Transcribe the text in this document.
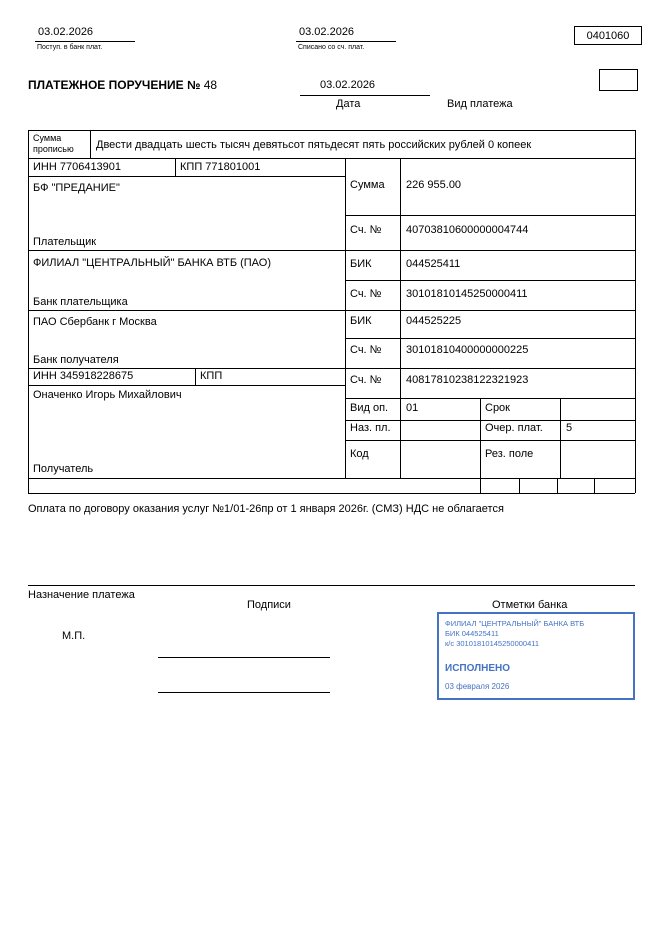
03.02.2026
Поступ. в банк плат.
03.02.2026
Списано со сч. плат.
0401060
ПЛАТЕЖНОЕ ПОРУЧЕНИЕ № 48	03.02.2026
Дата	Вид платежа
Сумма
прописью Двести двадцать шесть тысяч девятьсот пятьдесят пять российских рублей 0 копеек
ИНН 7706413901	КПП 771801001
БФ "ПРЕДАНИЕ"
Плательщик
Сумма 226 955.00
Сч. № 40703810600000004744
ФИЛИАЛ "ЦЕНТРАЛЬНЫЙ" БАНКА ВТБ (ПАО)
Банк плательщика
БИК	044525411
Сч. № 30101810145250000411
ПАО Сбербанк г Москва
Банк получателя
БИК	044525225
Сч. № 30101810400000000225
ИНН 345918228675	КПП
Оначенко Игорь Михайлович
Получатель
Сч. № 40817810238122321923
Вид оп. 01	Срок
Наз. пл.	Очер. плат. 5
Код	Рез. поле
Оплата по договору оказания услуг №1/01-26пр от 1 января 2026г. (СМЗ) НДС не облагается
Назначение платежа
Подписи	Отметки банка
М.П.
ФИЛИАЛ "ЦЕНТРАЛЬНЫЙ" БАНКА ВТБ
БИК 044525411
к/с 30101810145250000411
ИСПОЛНЕНО
03 февраля 2026
